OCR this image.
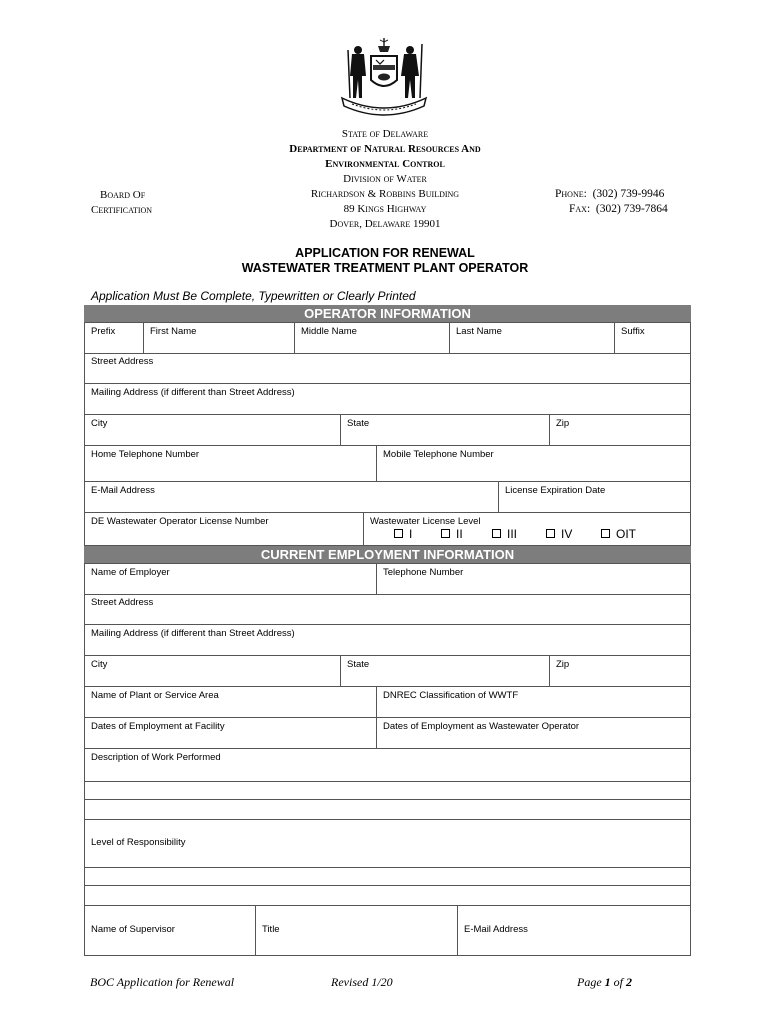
State of Delaware
Department of Natural Resources And
Environmental Control
Division of Water
Richardson & Robbins Building
89 Kings Highway
Dover, Delaware 19901
Board Of
Certification
Phone: (302) 739-9946
Fax: (302) 739-7864
APPLICATION FOR RENEWAL
WASTEWATER TREATMENT PLANT OPERATOR
Application Must Be Complete, Typewritten or Clearly Printed
OPERATOR INFORMATION
Prefix	First Name	Middle Name	Last Name	Suffix
Street Address
Mailing Address (if different than Street Address)
City	State	Zip
Home Telephone Number	Mobile Telephone Number
E-Mail Address	License Expiration Date
DE Wastewater Operator License Number	Wastewater License Level
I	II	III	IV	OIT
CURRENT EMPLOYMENT INFORMATION
Name of Employer	Telephone Number
Street Address
Mailing Address (if different than Street Address)
City	State	Zip
Name of Plant or Service Area	DNREC Classification of WWTF
Dates of Employment at Facility	Dates of Employment as Wastewater Operator
Description of Work Performed
Level of Responsibility
Name of Supervisor	Title	E-Mail Address
BOC Application for Renewal	Revised 1/20	Page 1 of 2
